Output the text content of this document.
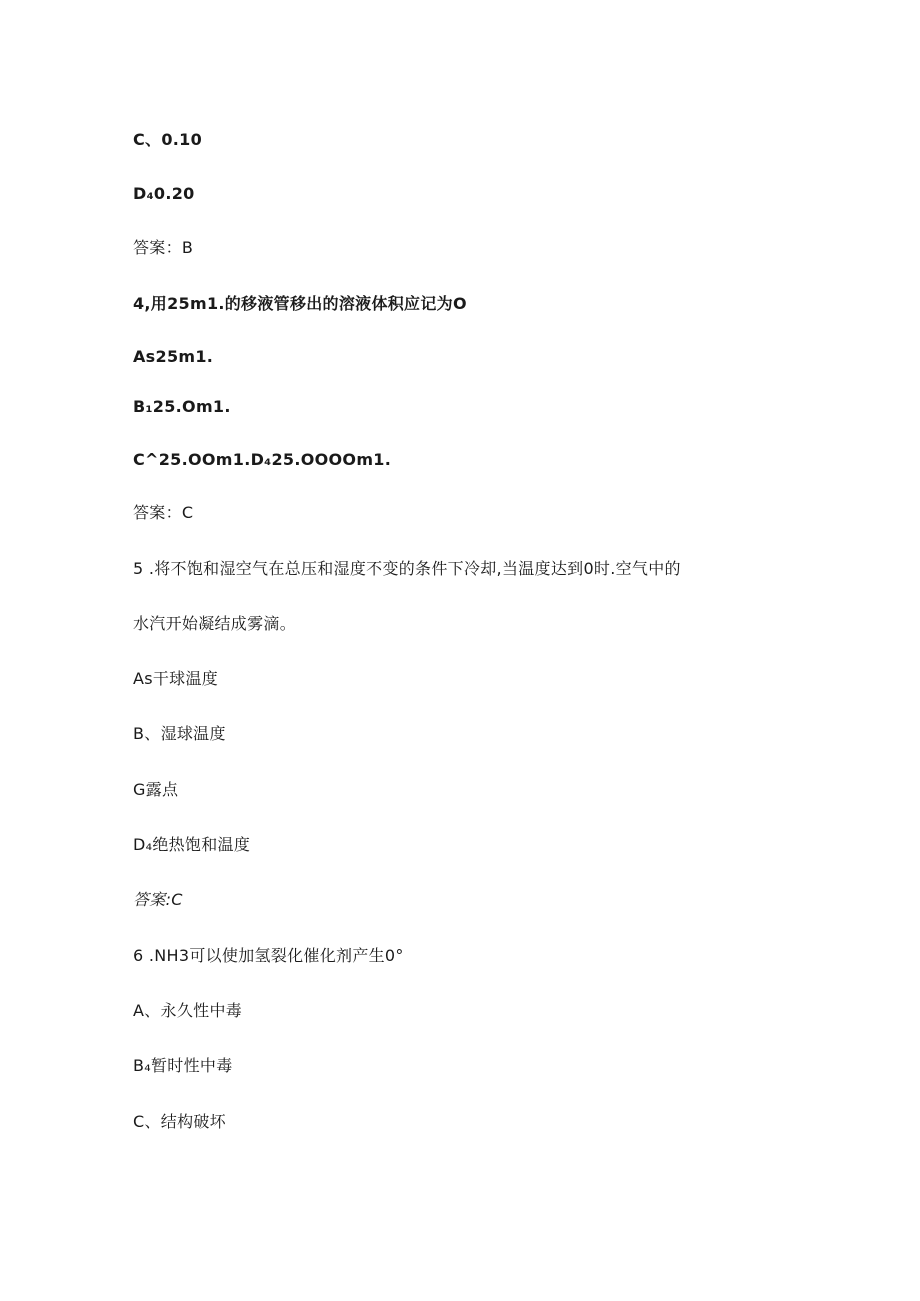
C、0.10
D₄0.20
答案：B
4,用25m1.的移液管移出的溶液体积应记为O
As25m1.
B₁25.Om1.
C^25.OOm1.D₄25.OOOOm1.
答案：C
5 .将不饱和湿空气在总压和湿度不变的条件下冷却,当温度达到0时.空气中的
水汽开始凝结成雾滴。
As干球温度
B、湿球温度
G露点
D₄绝热饱和温度
答案:C
6 .NH3可以使加氢裂化催化剂产生0°
A、永久性中毒
B₄暂时性中毒
C、结构破坏
